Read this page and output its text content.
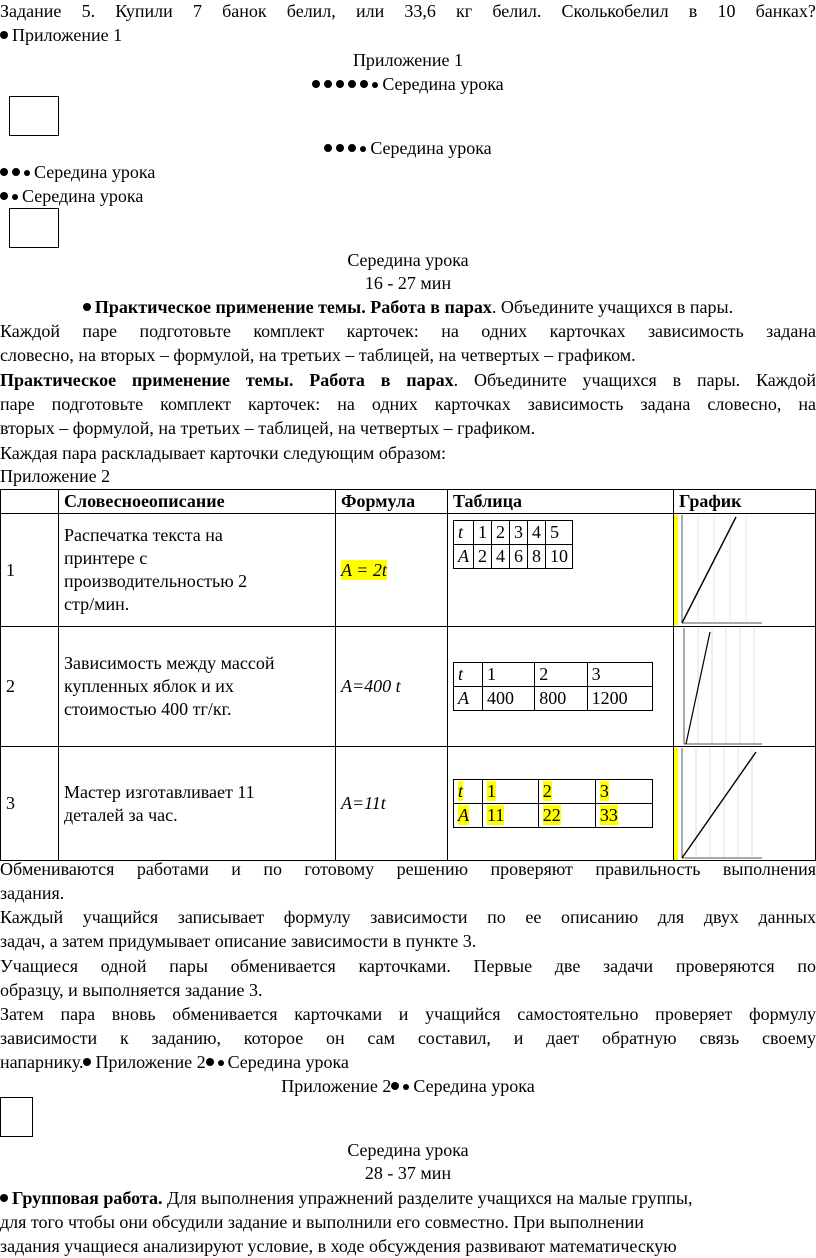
Задание 5. Купили 7 банок белил, или 33,6 кг белил. Сколькобелил в 10 банках?
Приложение 1
Приложение 1
Середина урока
Середина урока
Середина урока
Середина урока
Середина урока
16 - 27 мин
Практическое применение темы. Работа в парах. Объедините учащихся в пары.
Каждой паре подготовьте комплект карточек: на одних карточках зависимость задана
словесно, на вторых – формулой, на третьих – таблицей, на четвертых – графиком.
Практическое применение темы. Работа в парах. Объедините учащихся в пары. Каждой
паре подготовьте комплект карточек: на одних карточках зависимость задана словесно, на
вторых – формулой, на третьих – таблицей, на четвертых – графиком.
Каждая пара раскладывает карточки следующим образом:
Приложение 2
	Словесноеописание	Формула	Таблица	График
1	
Распечатка текста на
принтере с
производительностью 2
стр/мин.
	A = 2t	
t	1	2	3	4	5
A	2	4	6	8	10

2	
Зависимость между массой
купленных яблок и их
стоимостью 400 тг/кг.
	A=400 t	
t	1	2	3
A	400	800	1200

3	
Мастер изготавливает 11
деталей за час.
	A=11t	
t	1	2	3
A	11	22	33

Обмениваются работами и по готовому решению проверяют правильность выполнения
задания.
Каждый учащийся записывает формулу зависимости по ее описанию для двух данных
задач, а затем придумывает описание зависимости в пункте 3.
Учащиеся одной пары обменивается карточками. Первые две задачи проверяются по
образцу, и выполняется задание 3.
Затем пара вновь обменивается карточками и учащийся самостоятельно проверяет формулу
зависимости к заданию, которое он сам составил, и дает обратную связь своему
напарнику. Приложение 2 Середина урока
Приложение 2 Середина урока
Середина урока
28 - 37 мин
Групповая работа. Для выполнения упражнений разделите учащихся на малые группы,
для того чтобы они обсудили задание и выполнили его совместно. При выполнении
задания учащиеся анализируют условие, в ходе обсуждения развивают математическую
